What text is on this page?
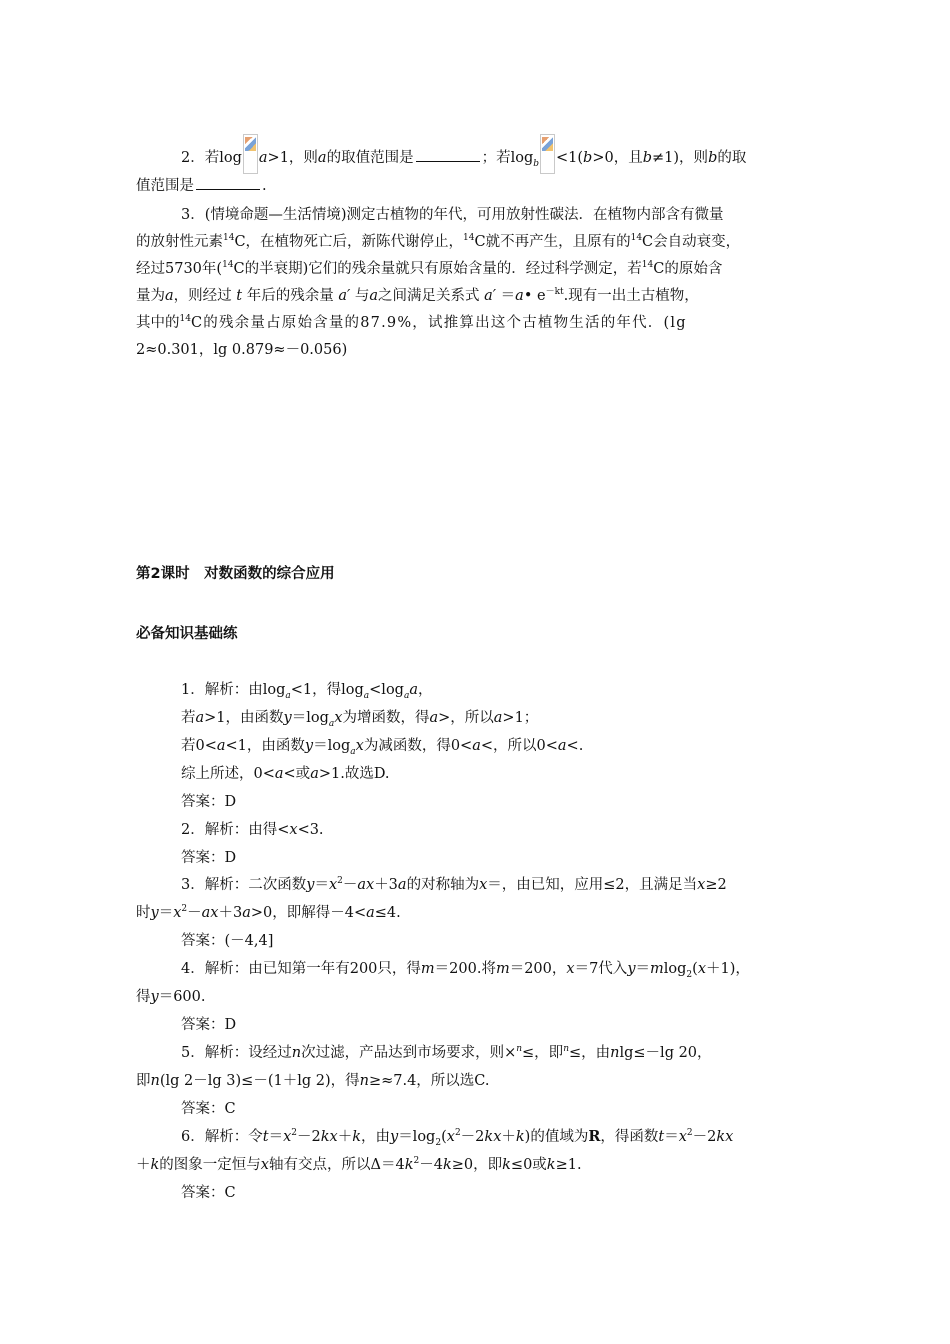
2．若log a>1，则a的取值范围是	；若$\log_b <1(b>0$，且b≠1)，则b的取
值范围是	.
3．(情境命题—生活情境)测定古植物的年代，可用放射性碳法．在植物内部含有微量
的放射性元素$^{14}$C，在植物死亡后，新陈代谢停止，$^{14}$C就不再产生，且原有的$^{14}$C会自动衰变，
经过5730年($^{14}$C的半衰期)它们的残余量就只有原始含量的．经过科学测定，若$^{14}$C的原始含
量为a，则经过 t 年后的残余量 a′ 与a之间满足关系式 a′ ＝a• $e^{-kt}$.现有一出土古植物，
其中的$^{14}$C的残余量占原始含量的87.9%，试推算出这个古植物生活的年代．(lg
2≈0.301，lg 0.879≈－0.056)
第2课时　对数函数的综合应用
必备知识基础练
1．解析：由$\log_a<1$，得$\log_a<\log_aa$，
若a>1，由函数$y=\log_ax$为增函数，得a>，所以a>1；
若0<a<1，由函数$y=\log_ax$为减函数，得0<a<，所以0<a<.
综上所述，0<a<或a>1.故选D.
答案：D
2．解析：由得<x<3.
答案：D
3．解析：二次函数$y=x^2-ax+3a$的对称轴为x＝，由已知，应用≤2，且满足当x≥2
时$y=x^2-ax+3a>0$，即解得－4<a≤4.
答案：(－4,4]
4．解析：由已知第一年有200只，得m＝200.将m＝200，x＝7代入y＝mlog$_2$(x＋1)，
得y＝600.
答案：D
5．解析：设经过n次过滤，产品达到市场要求，则×$^n$≤，即$^n$≤，由nlg≤－lg 20，
即n(lg 2－lg 3)≤－(1＋lg 2)，得n≥≈7.4，所以选C.
答案：C
6．解析：令$t=x^2-2kx+k$，由$y=\log_2(x^2-2kx+k)$的值域为R，得函数$t=x^2-2kx$
＋k的图象一定恒与x轴有交点，所以$\Delta=4k^2-4k\ge 0$，即k≤0或k≥1.
答案：C
